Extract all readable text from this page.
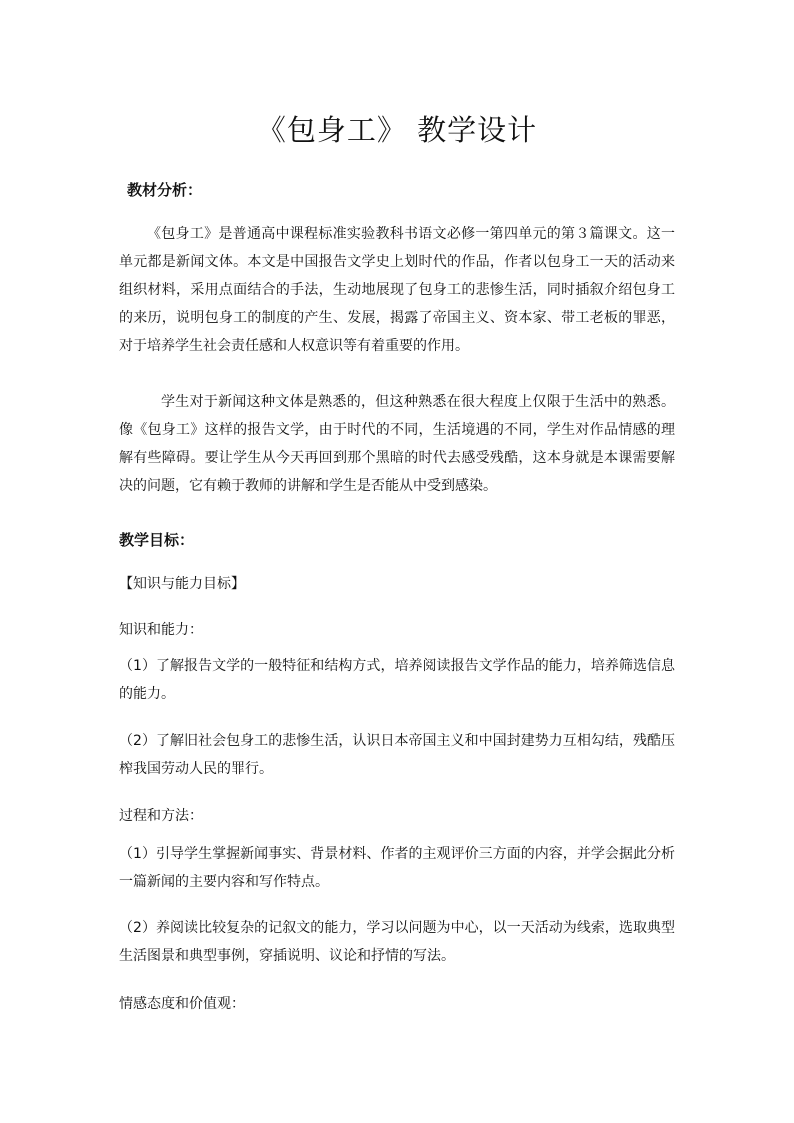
《包身工》 教学设计
教材分析：
《包身工》是普通高中课程标准实验教科书语文必修一第四单元的第３篇课文。这一单元都是新闻文体。本文是中国报告文学史上划时代的作品，作者以包身工一天的活动来组织材料，采用点面结合的手法，生动地展现了包身工的悲惨生活，同时插叙介绍包身工的来历，说明包身工的制度的产生、发展，揭露了帝国主义、资本家、带工老板的罪恶，对于培养学生社会责任感和人权意识等有着重要的作用。
学生对于新闻这种文体是熟悉的，但这种熟悉在很大程度上仅限于生活中的熟悉。像《包身工》这样的报告文学，由于时代的不同，生活境遇的不同，学生对作品情感的理解有些障碍。要让学生从今天再回到那个黑暗的时代去感受残酷，这本身就是本课需要解决的问题，它有赖于教师的讲解和学生是否能从中受到感染。
教学目标：
【知识与能力目标】
知识和能力：
（1）了解报告文学的一般特征和结构方式，培养阅读报告文学作品的能力，培养筛选信息的能力。
（2）了解旧社会包身工的悲惨生活，认识日本帝国主义和中国封建势力互相勾结，残酷压榨我国劳动人民的罪行。
过程和方法：
（1）引导学生掌握新闻事实、背景材料、作者的主观评价三方面的内容，并学会据此分析一篇新闻的主要内容和写作特点。
（2）养阅读比较复杂的记叙文的能力，学习以问题为中心，以一天活动为线索，选取典型生活图景和典型事例，穿插说明、议论和抒情的写法。
情感态度和价值观：
